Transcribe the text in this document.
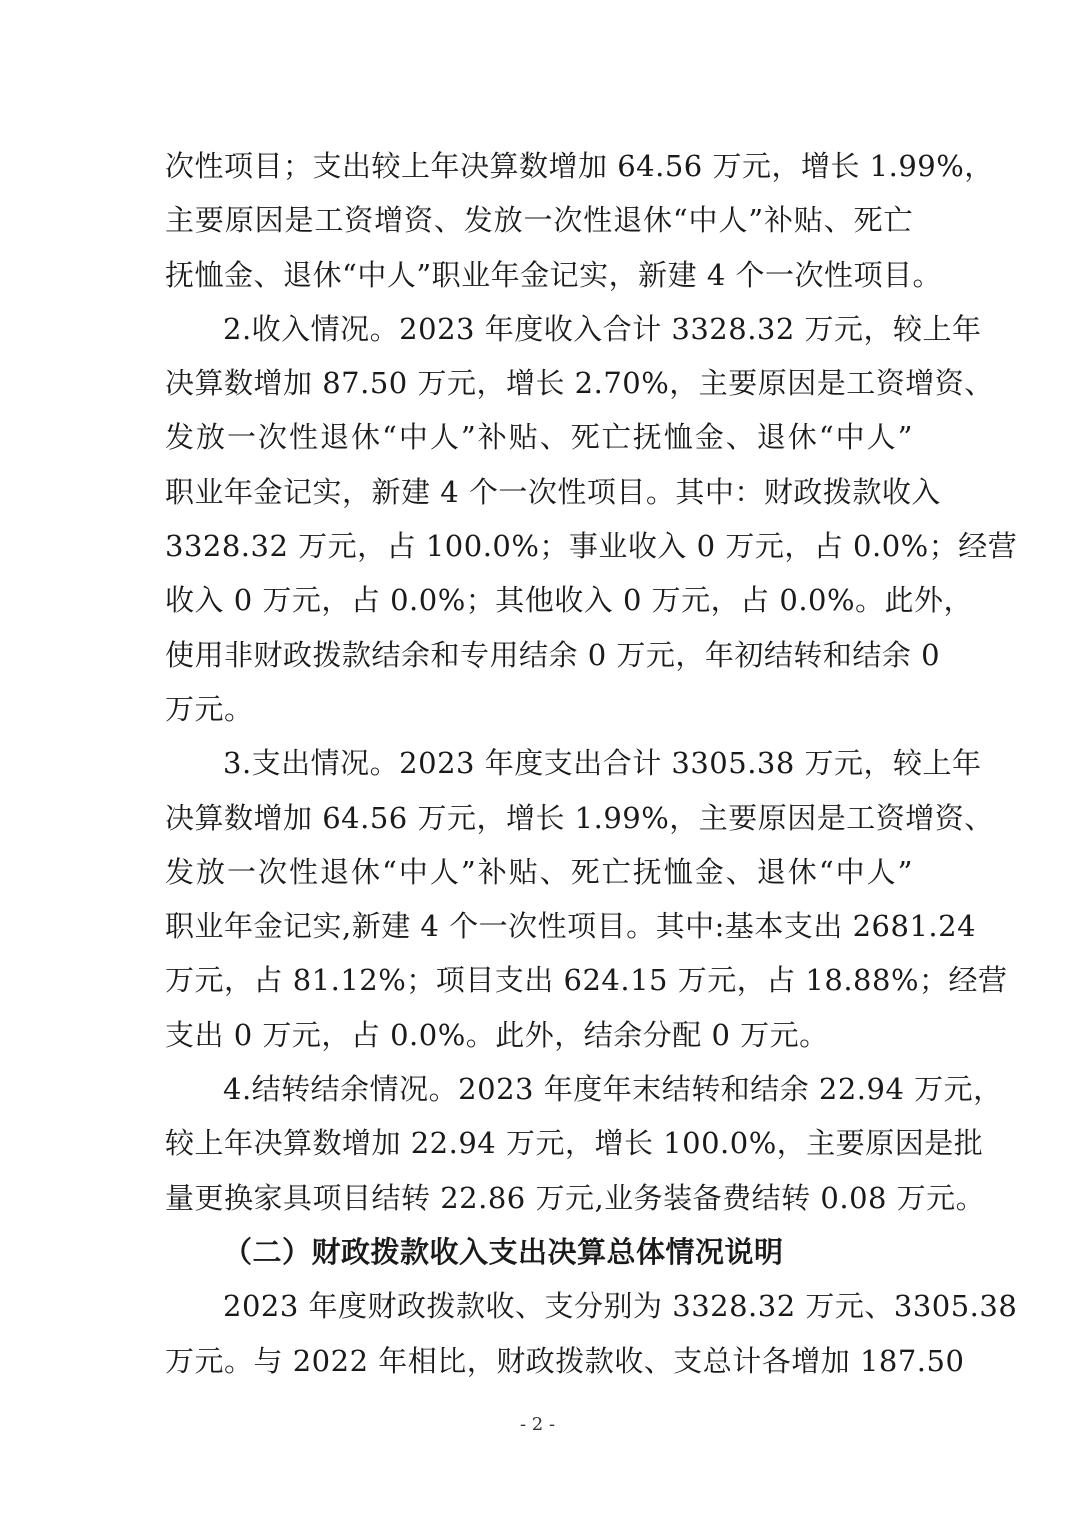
次性项目；支出较上年决算数增加 64.56 万元，增长 1.99%，
主要原因是工资增资、发放一次性退休“中人”补贴、死亡
抚恤金、退休“中人”职业年金记实，新建 4 个一次性项目。
2.收入情况。2023 年度收入合计 3328.32 万元，较上年
决算数增加 87.50 万元，增长 2.70%，主要原因是工资增资、
发放一次性退休“中人”补贴、死亡抚恤金、退休“中人”
职业年金记实，新建 4 个一次性项目。其中：财政拨款收入
3328.32 万元，占 100.0%；事业收入 0 万元，占 0.0%；经营
收入 0 万元，占 0.0%；其他收入 0 万元，占 0.0%。此外，
使用非财政拨款结余和专用结余 0 万元，年初结转和结余 0
万元。
3.支出情况。2023 年度支出合计 3305.38 万元，较上年
决算数增加 64.56 万元，增长 1.99%，主要原因是工资增资、
发放一次性退休“中人”补贴、死亡抚恤金、退休“中人”
职业年金记实,新建 4 个一次性项目。其中:基本支出 2681.24
万元，占 81.12%；项目支出 624.15 万元，占 18.88%；经营
支出 0 万元，占 0.0%。此外，结余分配 0 万元。
4.结转结余情况。2023 年度年末结转和结余 22.94 万元，
较上年决算数增加 22.94 万元，增长 100.0%，主要原因是批
量更换家具项目结转 22.86 万元,业务装备费结转 0.08 万元。
（二）财政拨款收入支出决算总体情况说明
2023 年度财政拨款收、支分别为 3328.32 万元、3305.38
万元。与 2022 年相比，财政拨款收、支总计各增加 187.50
- 2 -
